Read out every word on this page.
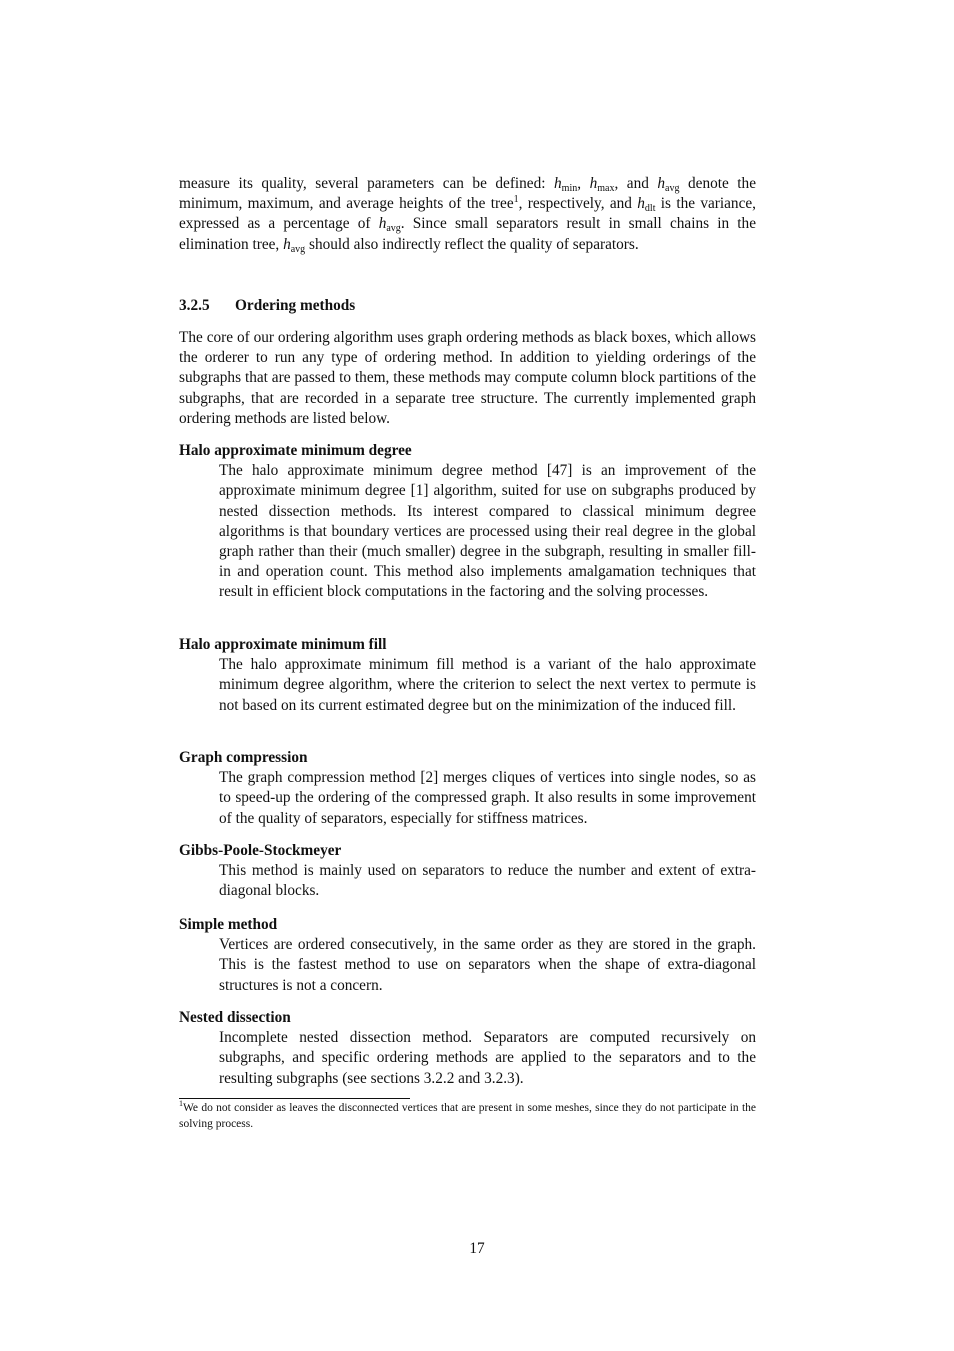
measure its quality, several parameters can be defined: $h_{min}$, $h_{max}$, and $h_{avg}$ denote the minimum, maximum, and average heights of the tree$^1$, respectively, and $h_{dlt}$ is the variance, expressed as a percentage of $h_{avg}$. Since small separators result in small chains in the elimination tree, $h_{avg}$ should also indirectly reflect the quality of separators.

3.2.5 Ordering methods

The core of our ordering algorithm uses graph ordering methods as black boxes, which allows the orderer to run any type of ordering method. In addition to yielding orderings of the subgraphs that are passed to them, these methods may compute column block partitions of the subgraphs, that are recorded in a separate tree structure. The currently implemented graph ordering methods are listed below.

Halo approximate minimum degree

The halo approximate minimum degree method [47] is an improvement of the approximate minimum degree [1] algorithm, suited for use on subgraphs produced by nested dissection methods. Its interest compared to classical minimum degree algorithms is that boundary vertices are processed using their real degree in the global graph rather than their (much smaller) degree in the subgraph, resulting in smaller fill-in and operation count. This method also implements amalgamation techniques that result in efficient block computations in the factoring and the solving processes.

Halo approximate minimum fill

The halo approximate minimum fill method is a variant of the halo approximate minimum degree algorithm, where the criterion to select the next vertex to permute is not based on its current estimated degree but on the minimization of the induced fill.

Graph compression

The graph compression method [2] merges cliques of vertices into single nodes, so as to speed-up the ordering of the compressed graph. It also results in some improvement of the quality of separators, especially for stiffness matrices.

Gibbs-Poole-Stockmeyer

This method is mainly used on separators to reduce the number and extent of extra-diagonal blocks.

Simple method

Vertices are ordered consecutively, in the same order as they are stored in the graph. This is the fastest method to use on separators when the shape of extra-diagonal structures is not a concern.

Nested dissection

Incomplete nested dissection method. Separators are computed recursively on subgraphs, and specific ordering methods are applied to the separators and to the resulting subgraphs (see sections 3.2.2 and 3.2.3).

$^1$We do not consider as leaves the disconnected vertices that are present in some meshes, since they do not participate in the solving process.

17
